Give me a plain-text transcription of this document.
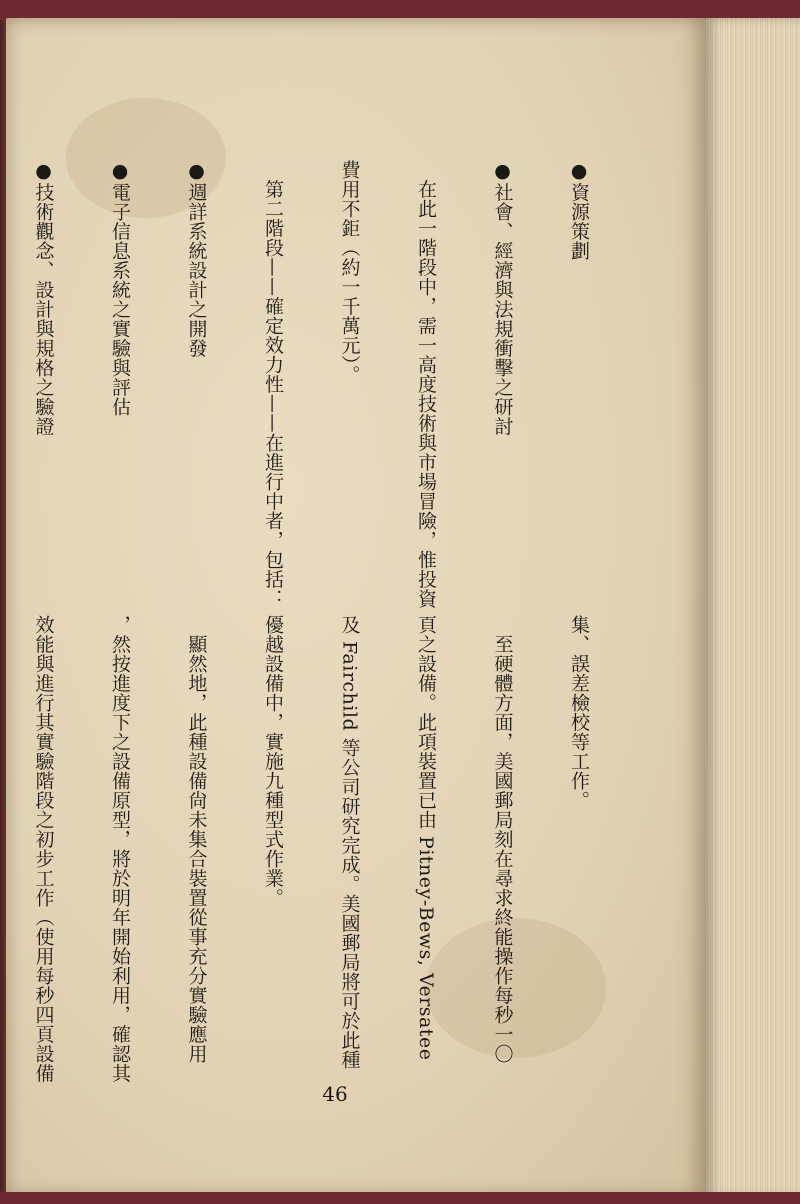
●資源策劃

●社會、經濟與法規衝擊之研討

　在此一階段中，需一高度技術與市場冒險，惟投資

費用不鉅（約一千萬元）。

　第二階段——確定效力性——在進行中者，包括：

●週詳系統設計之開發

●電子信息系統之實驗與評估

●技術觀念、設計與規格之驗證

集、誤差檢校等工作。

　至硬體方面，美國郵局刻在尋求終能操作每秒一〇

頁之設備。此項裝置已由 Pitney-Bews, Versatee

及 Fairchild 等公司研究完成。美國郵局將可於此種

優越設備中，實施九種型式作業。

　顯然地，此種設備尙未集合裝置從事充分實驗應用

，然按進度下之設備原型，將於明年開始利用，確認其

效能與進行其實驗階段之初步工作（使用每秒四頁設備

46
